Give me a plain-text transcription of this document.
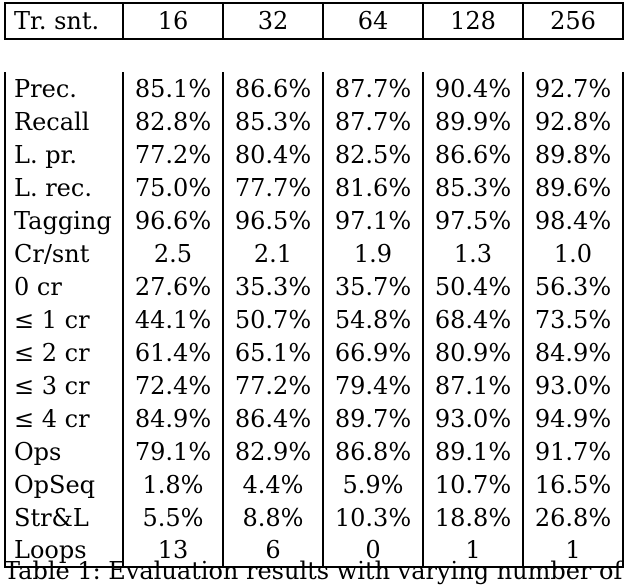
Tr. snt.	16	32	64	128	256

Prec.	85.1%	86.6%	87.7%	90.4%	92.7%
Recall	82.8%	85.3%	87.7%	89.9%	92.8%
L. pr.	77.2%	80.4%	82.5%	86.6%	89.8%
L. rec.	75.0%	77.7%	81.6%	85.3%	89.6%
Tagging	96.6%	96.5%	97.1%	97.5%	98.4%
Cr/snt	2.5	2.1	1.9	1.3	1.0
0 cr	27.6%	35.3%	35.7%	50.4%	56.3%
≤ 1 cr	44.1%	50.7%	54.8%	68.4%	73.5%
≤ 2 cr	61.4%	65.1%	66.9%	80.9%	84.9%
≤ 3 cr	72.4%	77.2%	79.4%	87.1%	93.0%
≤ 4 cr	84.9%	86.4%	89.7%	93.0%	94.9%
Ops	79.1%	82.9%	86.8%	89.1%	91.7%
OpSeq	1.8%	4.4%	5.9%	10.7%	16.5%
Str&L	5.5%	8.8%	10.3%	18.8%	26.8%
Loops	13	6	0	1	1
Table 1: Evaluation results with varying number of
